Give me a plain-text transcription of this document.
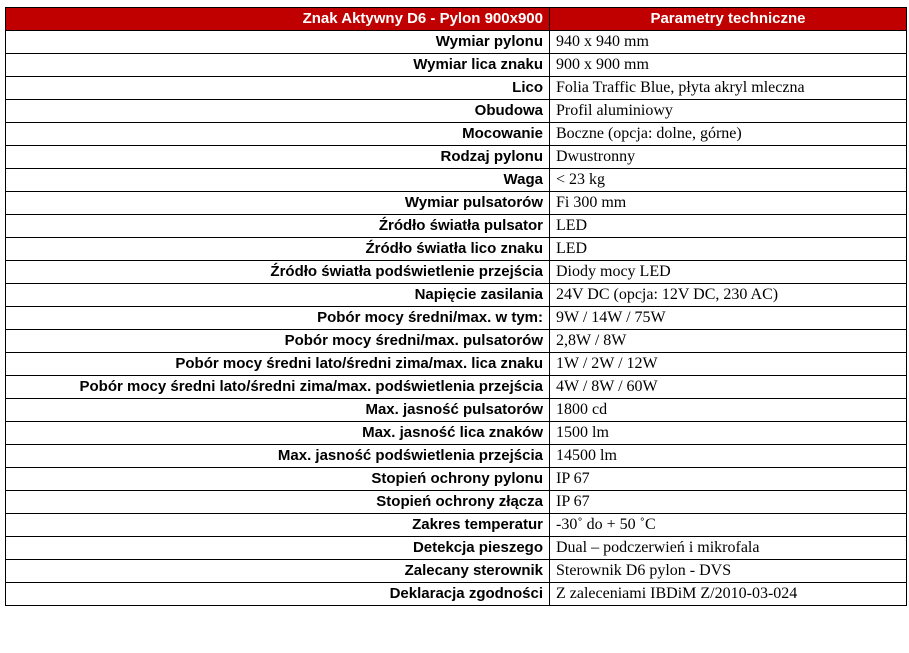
Znak Aktywny D6 - Pylon 900x900	Parametry techniczne
Wymiar pylonu	940 x 940 mm
Wymiar lica znaku	900 x 900 mm
Lico	Folia Traffic Blue, płyta akryl mleczna
Obudowa	Profil aluminiowy
Mocowanie	Boczne (opcja: dolne, górne)
Rodzaj pylonu	Dwustronny
Waga	< 23 kg
Wymiar pulsatorów	Fi 300 mm
Źródło światła pulsator	LED
Źródło światła lico znaku	LED
Źródło światła podświetlenie przejścia	Diody mocy LED
Napięcie zasilania	24V DC (opcja: 12V DC, 230 AC)
Pobór mocy średni/max. w tym:	9W / 14W / 75W
Pobór mocy średni/max. pulsatorów	2,8W / 8W
Pobór mocy średni lato/średni zima/max. lica znaku	1W / 2W / 12W
Pobór mocy średni lato/średni zima/max. podświetlenia przejścia	4W / 8W / 60W
Max. jasność pulsatorów	1800 cd
Max. jasność lica znaków	1500 lm
Max. jasność podświetlenia przejścia	14500 lm
Stopień ochrony pylonu	IP 67
Stopień ochrony złącza	IP 67
Zakres temperatur	-30˚ do + 50 ˚C
Detekcja pieszego	Dual – podczerwień i mikrofala
Zalecany sterownik	Sterownik D6 pylon - DVS
Deklaracja zgodności	Z zaleceniami IBDiM Z/2010-03-024
